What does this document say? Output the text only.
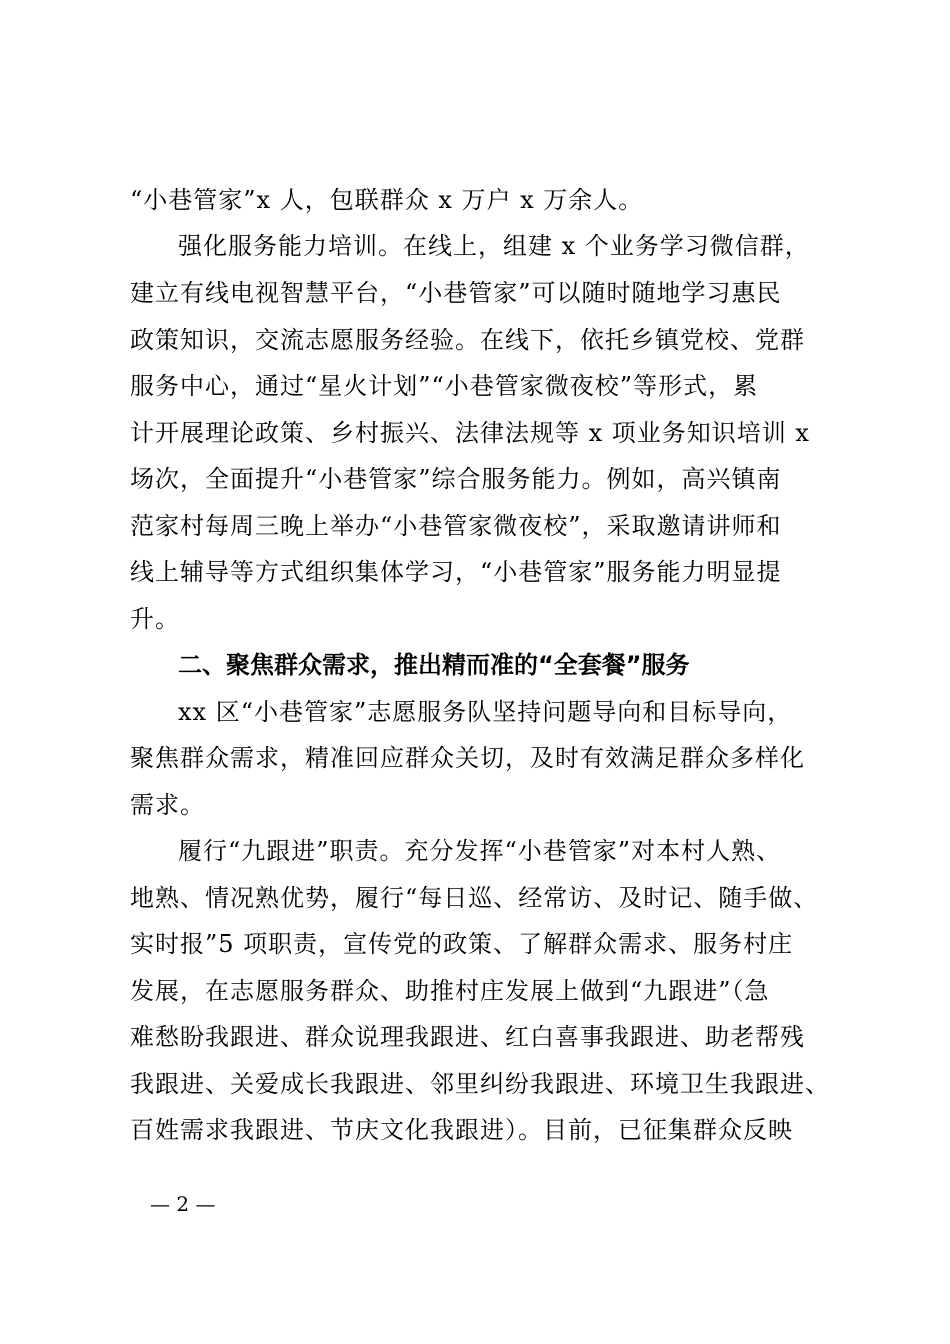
“小巷管家”x 人，包联群众 x 万户 x 万余人。
强化服务能力培训。在线上，组建 x 个业务学习微信群，
建立有线电视智慧平台，“小巷管家”可以随时随地学习惠民
政策知识，交流志愿服务经验。在线下，依托乡镇党校、党群
服务中心，通过“星火计划”“小巷管家微夜校”等形式，累
计开展理论政策、乡村振兴、法律法规等 x 项业务知识培训 x
场次，全面提升“小巷管家”综合服务能力。例如，高兴镇南
范家村每周三晚上举办“小巷管家微夜校”，采取邀请讲师和
线上辅导等方式组织集体学习，“小巷管家”服务能力明显提
升。
二、聚焦群众需求，推出精而准的“全套餐”服务
xx 区“小巷管家”志愿服务队坚持问题导向和目标导向，
聚焦群众需求，精准回应群众关切，及时有效满足群众多样化
需求。
履行“九跟进”职责。充分发挥“小巷管家”对本村人熟、
地熟、情况熟优势，履行“每日巡、经常访、及时记、随手做、
实时报”5 项职责，宣传党的政策、了解群众需求、服务村庄
发展，在志愿服务群众、助推村庄发展上做到“九跟进”（急
难愁盼我跟进、群众说理我跟进、红白喜事我跟进、助老帮残
我跟进、关爱成长我跟进、邻里纠纷我跟进、环境卫生我跟进、
百姓需求我跟进、节庆文化我跟进）。目前，已征集群众反映
— 2 —
